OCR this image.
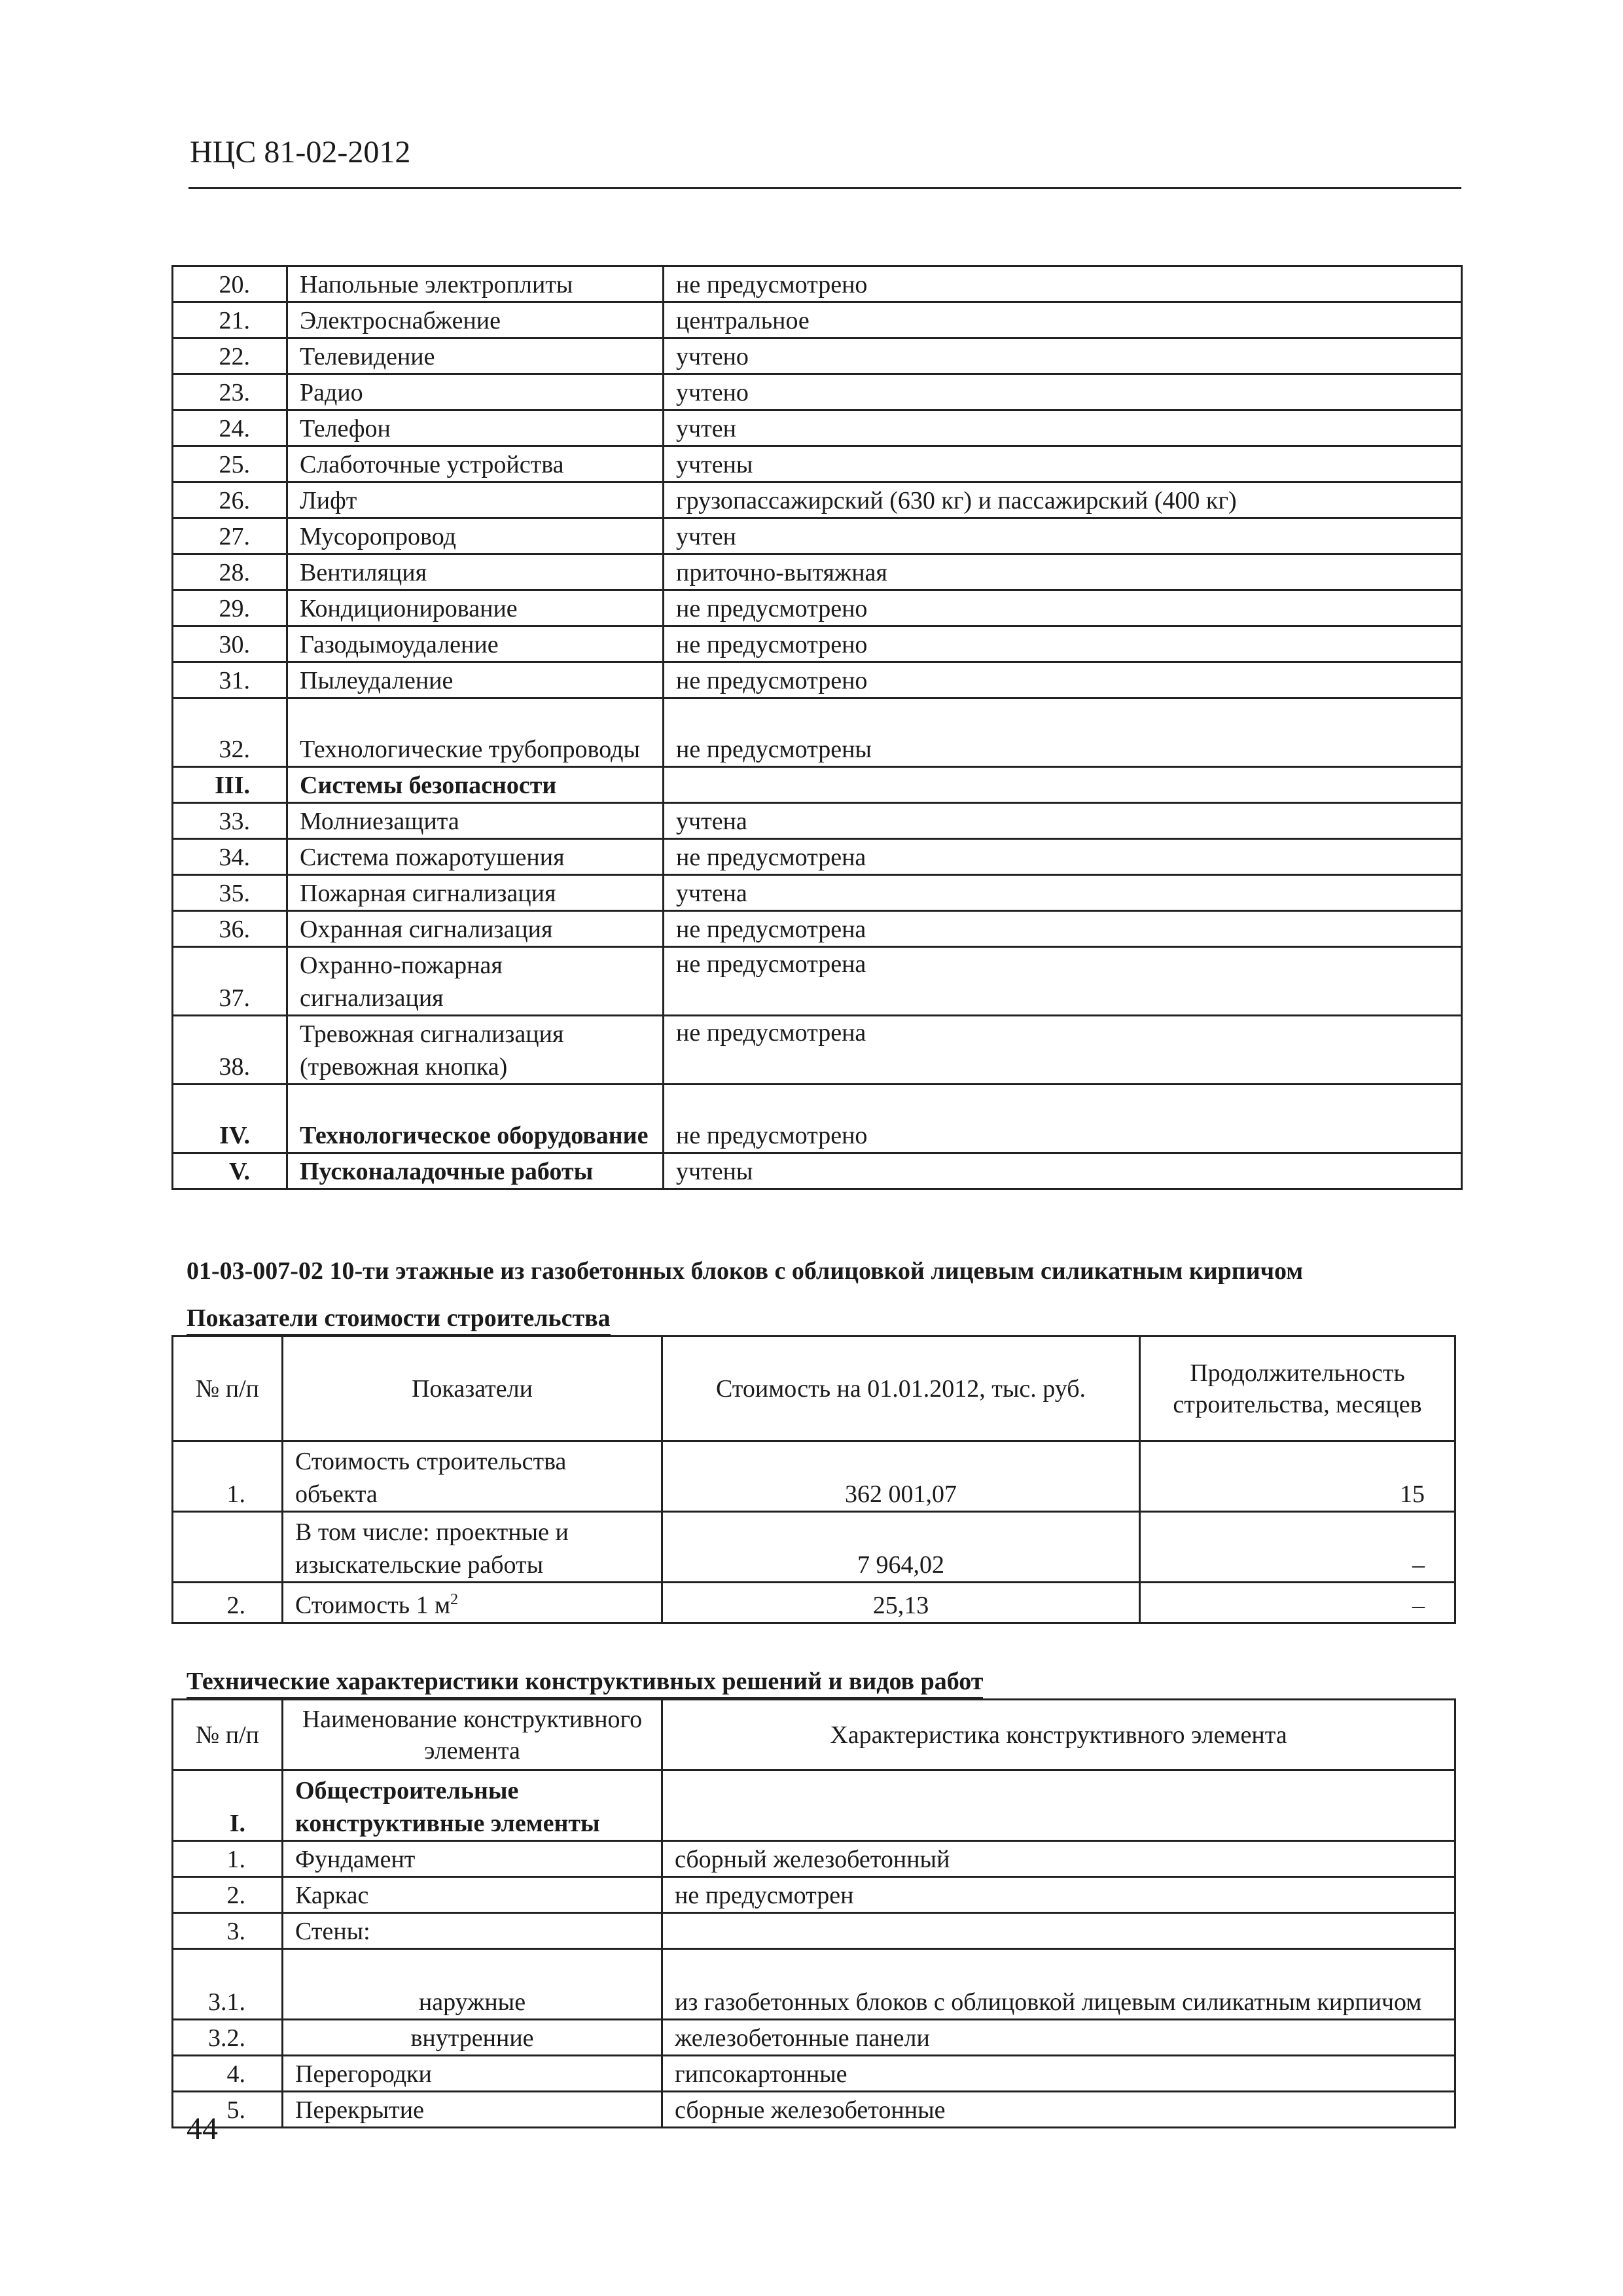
НЦС 81-02-2012
20.	Напольные электроплиты	не предусмотрено
21.	Электроснабжение	центральное
22.	Телевидение	учтено
23.	Радио	учтено
24.	Телефон	учтен
25.	Слаботочные устройства	учтены
26.	Лифт	грузопассажирский (630 кг) и пассажирский (400 кг)
27.	Мусоропровод	учтен
28.	Вентиляция	приточно-вытяжная
29.	Кондиционирование	не предусмотрено
30.	Газодымоудаление	не предусмотрено
31.	Пылеудаление	не предусмотрено
32.	Технологические трубопроводы	не предусмотрены
III.	Системы безопасности	
33.	Молниезащита	учтена
34.	Система пожаротушения	не предусмотрена
35.	Пожарная сигнализация	учтена
36.	Охранная сигнализация	не предусмотрена
37.	Охранно-пожарная сигнализация	не предусмотрена
38.	Тревожная сигнализация (тревожная кнопка)	не предусмотрена
IV.	Технологическое оборудование	не предусмотрено
V.	Пусконаладочные работы	учтены
01-03-007-02 10-ти этажные из газобетонных блоков с облицовкой лицевым силикатным кирпичом
Показатели стоимости строительства
№ п/п	Показатели	Стоимость на 01.01.2012, тыс. руб.	Продолжительность строительства, месяцев
1.	Стоимость строительства объекта	362 001,07	15
	В том числе: проектные и изыскательские работы	7 964,02	–
2.	Стоимость 1 $м^2$	25,13	–
Технические характеристики конструктивных решений и видов работ
№ п/п	Наименование конструктивного элемента	Характеристика конструктивного элемента
I.	Общестроительные конструктивные элементы	
1.	Фундамент	сборный железобетонный
2.	Каркас	не предусмотрен
3.	Стены:	
3.1.	наружные	из газобетонных блоков с облицовкой лицевым силикатным кирпичом
3.2.	внутренние	железобетонные панели
4.	Перегородки	гипсокартонные
5.	Перекрытие	сборные железобетонные
44
